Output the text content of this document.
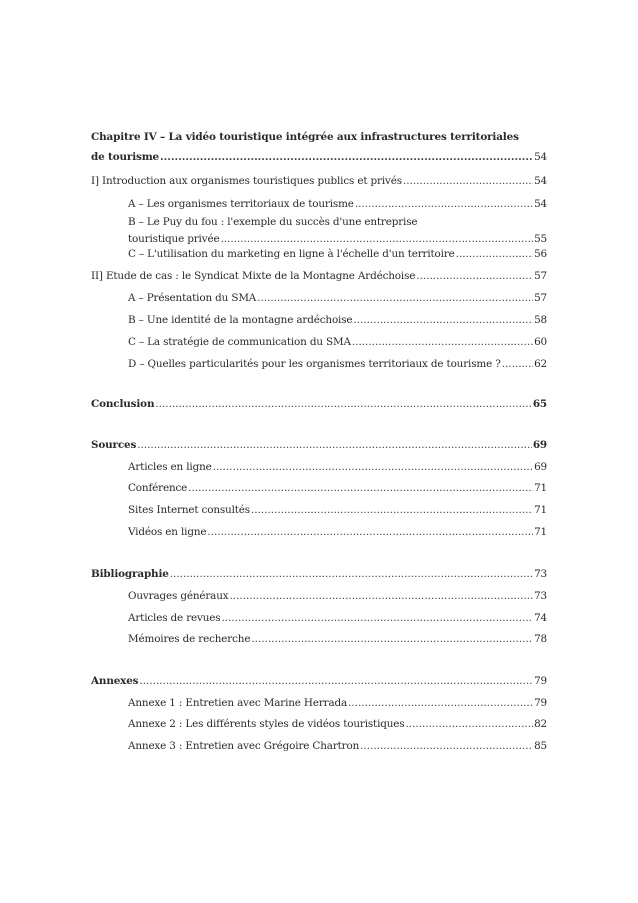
Chapitre IV – La vidéo touristique intégrée aux infrastructures territoriales
de tourisme .....	54
I] Introduction aux organismes touristiques publics et privés .....	54
A – Les organismes territoriaux de tourisme .....	54
B – Le Puy du fou : l'exemple du succès d'une entreprise
touristique privée .....	55
C – L'utilisation du marketing en ligne à l'échelle d'un territoire .....	56
II] Etude de cas : le Syndicat Mixte de la Montagne Ardéchoise .....	57
A – Présentation du SMA .....	57
B – Une identité de la montagne ardéchoise .....	58
C – La stratégie de communication du SMA .....	60
D – Quelles particularités pour les organismes territoriaux de tourisme ? .....	62
Conclusion .....	65
Sources .....	69
Articles en ligne .....	69
Conférence .....	71
Sites Internet consultés .....	71
Vidéos en ligne .....	71
Bibliographie .....	73
Ouvrages généraux .....	73
Articles de revues .....	74
Mémoires de recherche .....	78
Annexes .....	79
Annexe 1 : Entretien avec Marine Herrada .....	79
Annexe 2 : Les différents styles de vidéos touristiques .....	82
Annexe 3 : Entretien avec Grégoire Chartron .....	85
